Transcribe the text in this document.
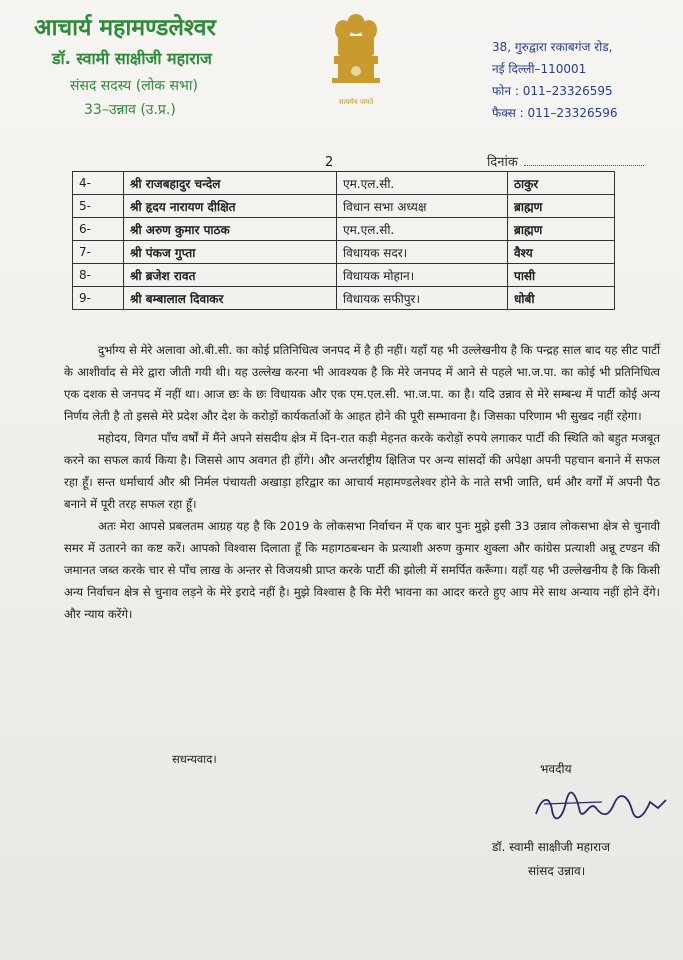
आचार्य महामण्डलेश्वर
डॉ. स्वामी साक्षीजी महाराज
संसद सदस्य (लोक सभा)
33–उन्नाव (उ.प्र.)	सत्यमेव जयते
38, गुरुद्वारा रकाबगंज रोड,
नई दिल्ली–110001
फोन : 011–23326595
फैक्स : 011–23326596
2	दिनांक
4-	श्री राजबहादुर चन्देल	एम.एल.सी.	ठाकुर
5-	श्री हृदय नारायण दीक्षित	विधान सभा अध्यक्ष	ब्राह्मण
6-	श्री अरुण कुमार पाठक	एम.एल.सी.	ब्राह्मण
7-	श्री पंकज गुप्ता	विधायक सदर।	वैश्य
8-	श्री ब्रजेश रावत	विधायक मोहान।	पासी
9-	श्री बम्बालाल दिवाकर	विधायक सफीपुर।	धोबी

दुर्भाग्य से मेरे अलावा ओ.बी.सी. का कोई प्रतिनिधित्व जनपद में है ही नहीं। यहाँ यह भी उल्लेखनीय है कि पन्द्रह साल बाद यह सीट पार्टी के आशीर्वाद से मेरे द्वारा जीती गयी थी। यह उल्लेख करना भी आवश्यक है कि मेरे जनपद में आने से पहले भा.ज.पा. का कोई भी प्रतिनिधित्व एक दशक से जनपद में नहीं था। आज छः के छः विधायक और एक एम.एल.सी. भा.ज.पा. का है। यदि उन्नाव से मेरे सम्बन्ध में पार्टी कोई अन्य निर्णय लेती है तो इससे मेरे प्रदेश और देश के करोड़ों कार्यकर्ताओं के आहत होने की पूरी सम्भावना है। जिसका परिणाम भी सुखद नहीं रहेगा।

महोदय, विगत पाँच वर्षों में मैंने अपने संसदीय क्षेत्र में दिन-रात कड़ी मेहनत करके करोड़ों रुपये लगाकर पार्टी की स्थिति को बहुत मजबूत करने का सफल कार्य किया है। जिससे आप अवगत ही होंगे। और अन्तर्राष्ट्रीय क्षितिज पर अन्य सांसदों की अपेक्षा अपनी पहचान बनाने में सफल रहा हूँ। सन्त धर्माचार्य और श्री निर्मल पंचायती अखाड़ा हरिद्वार का आचार्य महामण्डलेश्वर होने के नाते सभी जाति, धर्म और वर्गों में अपनी पैठ बनाने में पूरी तरह सफल रहा हूँ।

अतः मेरा आपसे प्रबलतम आग्रह यह है कि 2019 के लोकसभा निर्वाचन में एक बार पुनः मुझे इसी 33 उन्नाव लोकसभा क्षेत्र से चुनावी समर में उतारने का कष्ट करें। आपको विश्वास दिलाता हूँ कि महागठबन्धन के प्रत्याशी अरुण कुमार शुक्ला और कांग्रेस प्रत्याशी अन्नू टण्डन की जमानत जब्त करके चार से पाँच लाख के अन्तर से विजयश्री प्राप्त करके पार्टी की झोली में समर्पित करूँगा। यहाँ यह भी उल्लेखनीय है कि किसी अन्य निर्वाचन क्षेत्र से चुनाव लड़ने के मेरे इरादे नहीं है। मुझे विश्वास है कि मेरी भावना का आदर करते हुए आप मेरे साथ अन्याय नहीं होने देंगे। और न्याय करेंगे।

सधन्यवाद।
भवदीय
डॉ. स्वामी साक्षीजी महाराज
सांसद उन्नाव।
